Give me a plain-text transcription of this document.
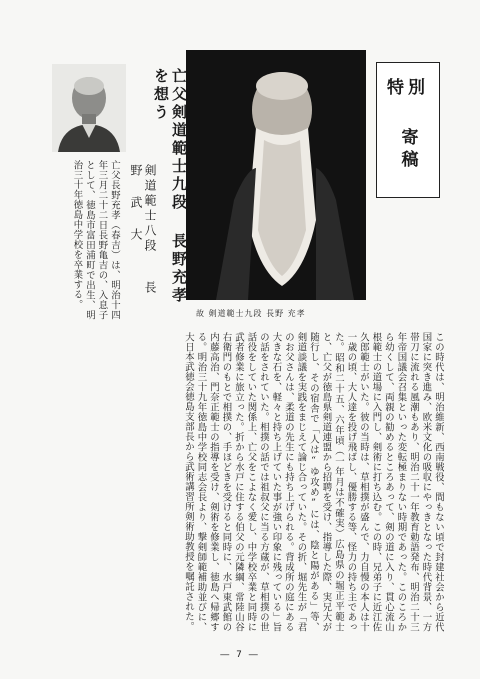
特別
寄稿
故 剣道範士九段 長野 充孝
亡父剣道範士九段 長野充孝を想う
剣道範士八段 長 野 武 大
亡父長野充孝（春吉）は、明治十四年三月二十二日長野亀吉の、入息子として、徳島市富田浦町で出生、明治三十年徳島中学校を卒業する。
この時代は、明治維新、西南戦役、間もない頃で封建社会から近代国家に突き進み、欧米文化の吸収にやっきとなった時代背景、一方帯刀に流れる風潮もあり、明治二十一年教育勅語発布、明治二十三年帝国議会召集といった変転極まりない時期であった。このころから幼くして、両親の勧めるところあって、剣の道に入り、貫心流山根範士の道場に入門し、剣術に打ち込む。この時、兄弟子に近江佐久郎範士がいた。彼の当時は、草相撲が盛んで、力自慢の本人は十一歳の頃、大人達を投げ飛ばし、優勝する等、怪力の持ち主であった。昭和二十五、六年頃（一年月は不確実）広島県の堀正平範士と、亡父が徳島県剣道連盟から招聘を受け、指導した際、実兄大が随行し、その宿舎で「人は“ゆ攻め”には、陰と陽がある」等、剣道談議を実践をまじえて論じ合っていた。その折、堀先生が「君のお父さんは、柔道の先生にも持ち上げられる。背成所の庭にある大きな石を、軽々と持ち上げていた事が強い印象に残っている」旨の話をされていた。相撲の話では祖叔父に当る方蔵が、草相撲の世話役をしていた関係上、亡父をこよなく愛し、中学校卒業と同時に武者修業に旅立った。折から水戸に住する伯父の元隣綱、常陸山谷右衛門のもとで相撲の、手ほどきを受けると同時に、水戸東武館の内藤高治、門奈正範士の指導を受け、剣術を修業し、徳島へ帰郷する。明治三十九年徳島中学校同志会長より、撃剣師範補助並びに、大日本武徳会徳島支部長から武術講習所剣術助教授を嘱託された。
― 7 ―
